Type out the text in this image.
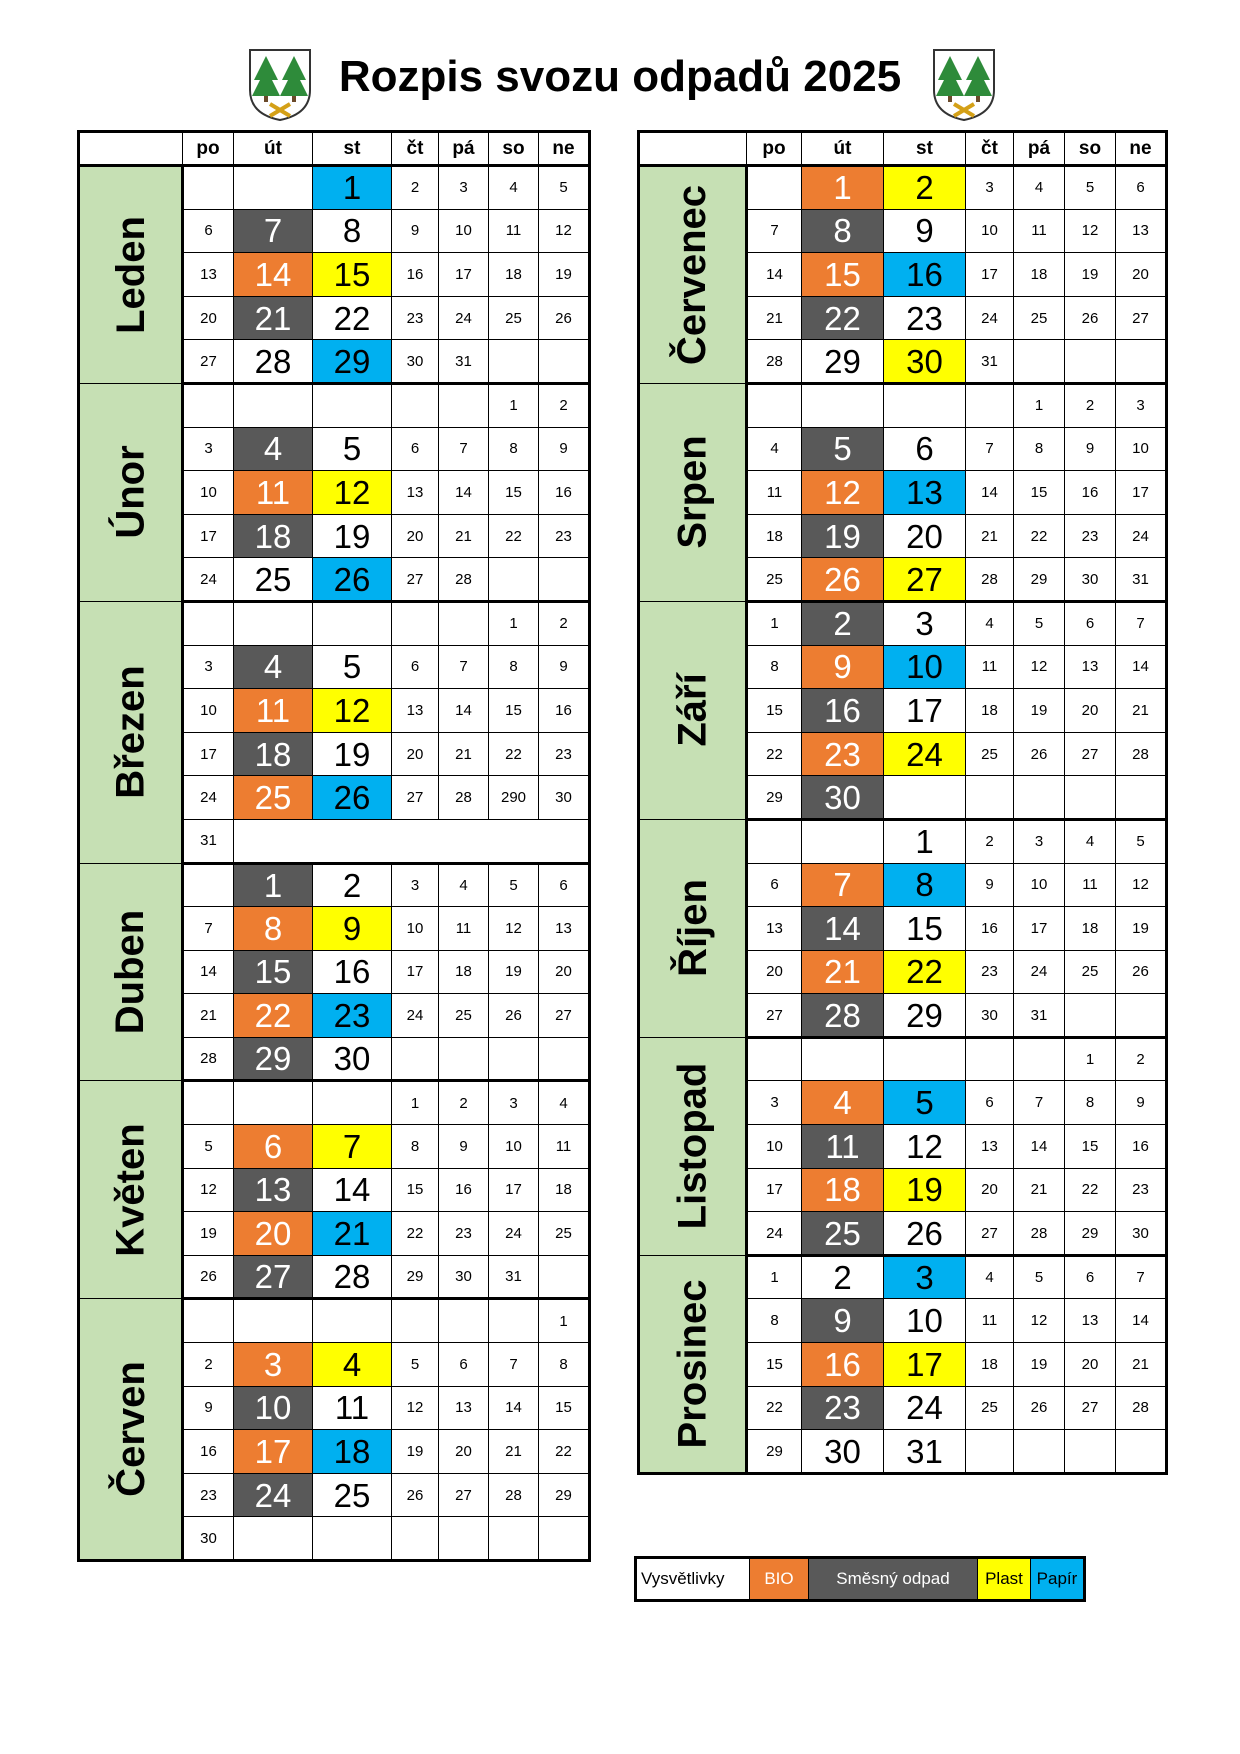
Rozpis svozu odpadů 2025
	po	út	st	čt	pá	so	ne

Leden			1	2	3	4	5
	6	7	8	9	10	11	12
	13	14	15	16	17	18	19
	20	21	22	23	24	25	26
	27	28	29	30	31		

Únor						1	2
	3	4	5	6	7	8	9
	10	11	12	13	14	15	16
	17	18	19	20	21	22	23
	24	25	26	27	28		

Březen						1	2
	3	4	5	6	7	8	9
	10	11	12	13	14	15	16
	17	18	19	20	21	22	23
	24	25	26	27	28	290	30
	31						

Duben		1	2	3	4	5	6
	7	8	9	10	11	12	13
	14	15	16	17	18	19	20
	21	22	23	24	25	26	27
	28	29	30				

Květen				1	2	3	4
	5	6	7	8	9	10	11
	12	13	14	15	16	17	18
	19	20	21	22	23	24	25
	26	27	28	29	30	31	

Červen							1
	2	3	4	5	6	7	8
	9	10	11	12	13	14	15
	16	17	18	19	20	21	22
	23	24	25	26	27	28	29
	30						
	po	út	st	čt	pá	so	ne

Červenec		1	2	3	4	5	6
	7	8	9	10	11	12	13
	14	15	16	17	18	19	20
	21	22	23	24	25	26	27
	28	29	30	31			

Srpen					1	2	3
	4	5	6	7	8	9	10
	11	12	13	14	15	16	17
	18	19	20	21	22	23	24
	25	26	27	28	29	30	31

Září	1	2	3	4	5	6	7
	8	9	10	11	12	13	14
	15	16	17	18	19	20	21
	22	23	24	25	26	27	28
	29	30					

Říjen			1	2	3	4	5
	6	7	8	9	10	11	12
	13	14	15	16	17	18	19
	20	21	22	23	24	25	26
	27	28	29	30	31		

Listopad						1	2
	3	4	5	6	7	8	9
	10	11	12	13	14	15	16
	17	18	19	20	21	22	23
	24	25	26	27	28	29	30

Prosinec	1	2	3	4	5	6	7
	8	9	10	11	12	13	14
	15	16	17	18	19	20	21
	22	23	24	25	26	27	28
	29	30	31				
Vysvětlivky	BIO	Směsný odpad	Plast	Papír
